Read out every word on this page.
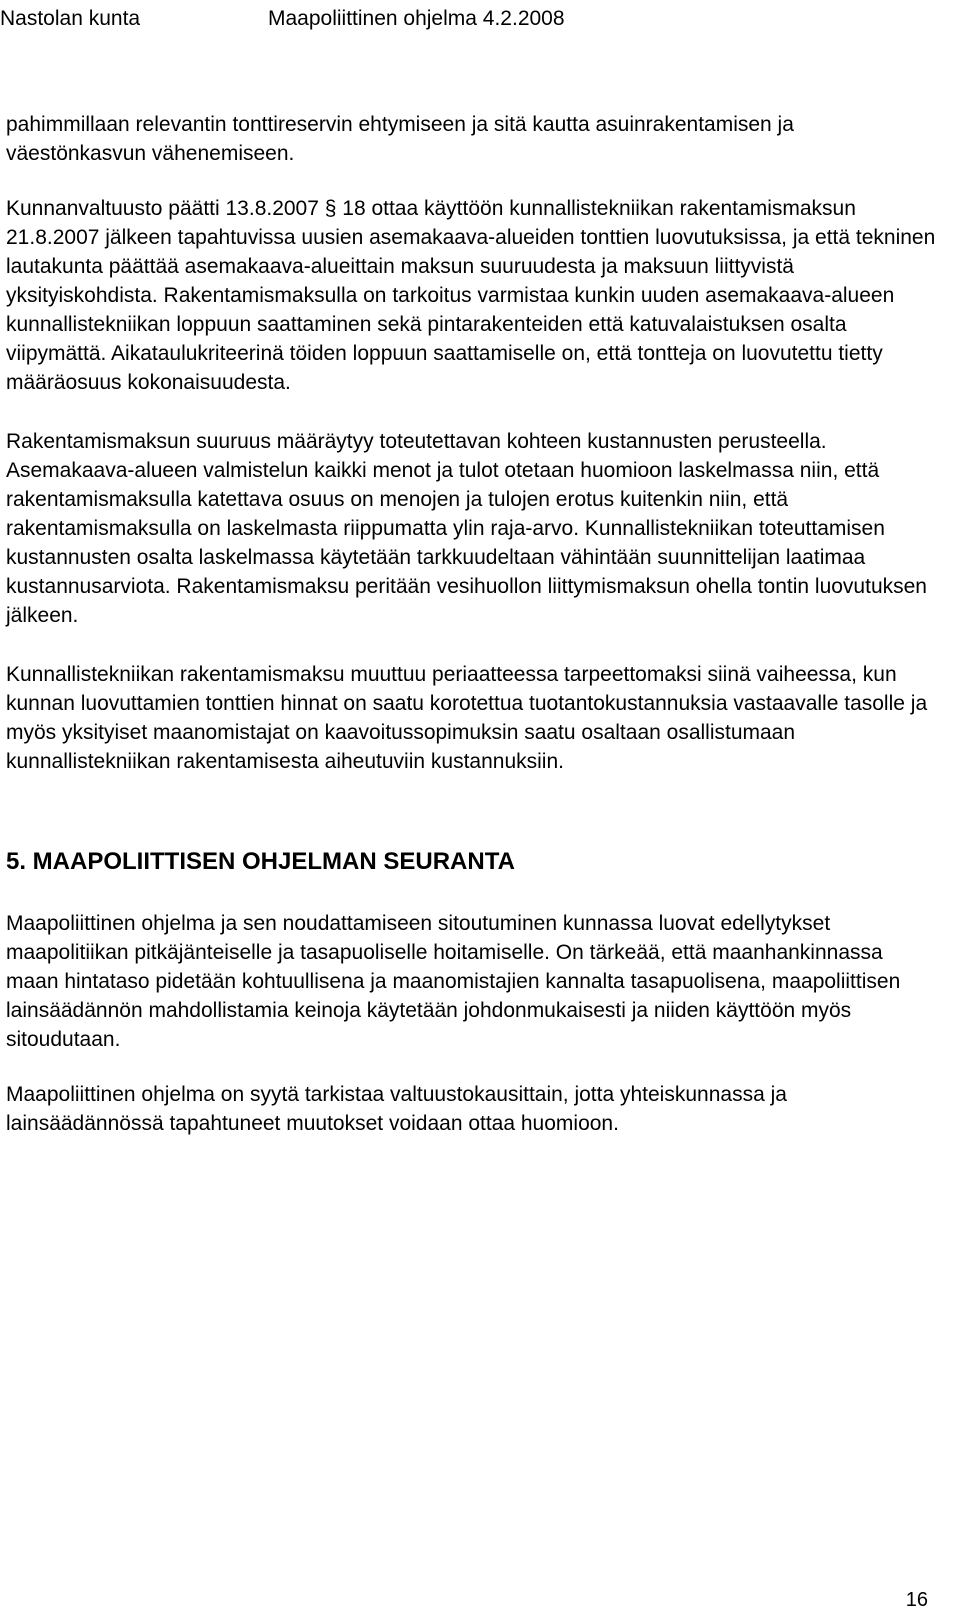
Nastolan kunta	Maapoliittinen ohjelma 4.2.2008

pahimmillaan relevantin tonttireservin ehtymiseen ja sitä kautta asuinrakentamisen ja väestönkasvun vähenemiseen.

Kunnanvaltuusto päätti 13.8.2007 § 18 ottaa käyttöön kunnallistekniikan rakentamismaksun 21.8.2007 jälkeen tapahtuvissa uusien asemakaava-alueiden tonttien luovutuksissa, ja että tekninen lautakunta päättää asemakaava-alueittain maksun suuruudesta ja maksuun liittyvistä yksityiskohdista. Rakentamismaksulla on tarkoitus varmistaa kunkin uuden asemakaava-alueen kunnallistekniikan loppuun saattaminen sekä pintarakenteiden että katuvalaistuksen osalta viipymättä. Aikataulukriteerinä töiden loppuun saattamiselle on, että tontteja on luovutettu tietty määräosuus kokonaisuudesta.

Rakentamismaksun suuruus määräytyy toteutettavan kohteen kustannusten perusteella. Asemakaava-alueen valmistelun kaikki menot ja tulot otetaan huomioon laskelmassa niin, että rakentamismaksulla katettava osuus on menojen ja tulojen erotus kuitenkin niin, että rakentamismaksulla on laskelmasta riippumatta ylin raja-arvo. Kunnallistekniikan toteuttamisen kustannusten osalta laskelmassa käytetään tarkkuudeltaan vähintään suunnittelijan laatimaa kustannusarviota. Rakentamismaksu peritään vesihuollon liittymismaksun ohella tontin luovutuksen jälkeen.

Kunnallistekniikan rakentamismaksu muuttuu periaatteessa tarpeettomaksi siinä vaiheessa, kun kunnan luovuttamien tonttien hinnat on saatu korotettua tuotantokustannuksia vastaavalle tasolle ja myös yksityiset maanomistajat on kaavoitussopimuksin saatu osaltaan osallistumaan kunnallistekniikan rakentamisesta aiheutuviin kustannuksiin.

5. MAAPOLIITTISEN OHJELMAN SEURANTA

Maapoliittinen ohjelma ja sen noudattamiseen sitoutuminen kunnassa luovat edellytykset maapolitiikan pitkäjänteiselle ja tasapuoliselle hoitamiselle. On tärkeää, että maanhankinnassa maan hintataso pidetään kohtuullisena ja maanomistajien kannalta tasapuolisena, maapoliittisen lainsäädännön mahdollistamia keinoja käytetään johdonmukaisesti ja niiden käyttöön myös sitoudutaan.

Maapoliittinen ohjelma on syytä tarkistaa valtuustokausittain, jotta yhteiskunnassa ja lainsäädännössä tapahtuneet muutokset voidaan ottaa huomioon.

16
